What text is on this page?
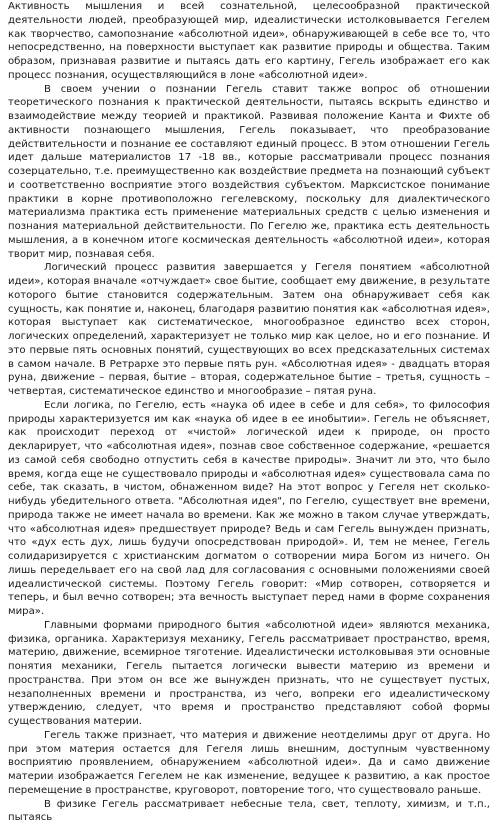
Активность мышления и всей сознательной, целесообразной практической деятельности людей, преобразующей мир, идеалистически истолковывается Гегелем как творчество, самопознание «абсолютной идеи», обнаруживающей в себе все то, что непосредственно, на поверхности выступает как развитие природы и общества. Таким образом, признавая развитие и пытаясь дать его картину, Гегель изображает его как процесс познания, осуществляющийся в лоне «абсолютной идеи».

В своем учении о познании Гегель ставит также вопрос об отношении теоретического познания к практической деятельности, пытаясь вскрыть единство и взаимодействие между теорией и практикой. Развивая положение Канта и Фихте об активности познающего мышления, Гегель показывает, что преобразование действительности и познание ее составляют единый процесс. В этом отношении Гегель идет дальше материалистов 17 -18 вв., которые рассматривали процесс познания созерцательно, т.е. преимущественно как воздействие предмета на познающий субъект и соответственно восприятие этого воздействия субъектом. Марксистское понимание практики в корне противоположно гегелевскому, поскольку для диалектического материализма практика есть применение материальных средств с целью изменения и познания материальной действительности. По Гегелю же, практика есть деятельность мышления, а в конечном итоге космическая деятельность «абсолютной идеи», которая творит мир, познавая себя.

Логический процесс развития завершается у Гегеля понятием «абсолютной идеи», которая вначале «отчуждает» свое бытие, сообщает ему движение, в результате которого бытие становится содержательным. Затем она обнаруживает себя как сущность, как понятие и, наконец, благодаря развитию понятия как «абсолютная идея», которая выступает как систематическое, многообразное единство всех сторон, логических определений, характеризует не только мир как целое, но и его познание. И это первые пять основных понятий, существующих во всех предсказательных системах в самом начале. В Ретрархе это первые пять рун. «Абсолютная идея» - двадцать вторая руна, движение – первая, бытие – вторая, содержательное бытие – третья, сущность – четвертая, систематическое единство и многообразие – пятая руна.

Если логика, по Гегелю, есть «наука об идее в себе и для себя», то философия природы характеризуется им как «наука об идее в ее инобытии». Гегель не объясняет, как происходит переход от «чистой» логической идеи к природе, он просто декларирует, что «абсолютная идея», познав свое собственное содержание, «решается из самой себя свободно отпустить себя в качестве природы». Значит ли это, что было время, когда еще не существовало природы и «абсолютная идея» существовала сама по себе, так сказать, в чистом, обнаженном виде? На этот вопрос у Гегеля нет сколько-нибудь убедительного ответа. "Абсолютная идея", по Гегелю, существует вне времени, природа также не имеет начала во времени. Как же можно в таком случае утверждать, что «абсолютная идея» предшествует природе? Ведь и сам Гегель вынужден признать, что «дух есть дух, лишь будучи опосредствован природой». И, тем не менее, Гегель солидаризируется с христианским догматом о сотворении мира Богом из ничего. Он лишь передельвает его на свой лад для согласования с основными положениями своей идеалистической системы. Поэтому Гегель говорит: «Мир сотворен, сотворяется и теперь, и был вечно сотворен; эта вечность выступает перед нами в форме сохранения мира».

Главными формами природного бытия «абсолютной идеи» являются механика, физика, органика. Характеризуя механику, Гегель рассматривает пространство, время, материю, движение, всемирное тяготение. Идеалистически истолковывая эти основные понятия механики, Гегель пытается логически вывести материю из времени и пространства. При этом он все же вынужден признать, что не существует пустых, незаполненных времени и пространства, из чего, вопреки его идеалистическому утверждению, следует, что время и пространство представляют собой формы существования материи.

Гегель также признает, что материя и движение неотделимы друг от друга. Но при этом материя остается для Гегеля лишь внешним, доступным чувственному восприятию проявлением, обнаружением «абсолютной идеи». Да и само движение материи изображается Гегелем не как изменение, ведущее к развитию, а как простое перемещение в пространстве, круговорот, повторение того, что существовало раньше.

В физике Гегель рассматривает небесные тела, свет, теплоту, химизм, и т.п., пытаясь
